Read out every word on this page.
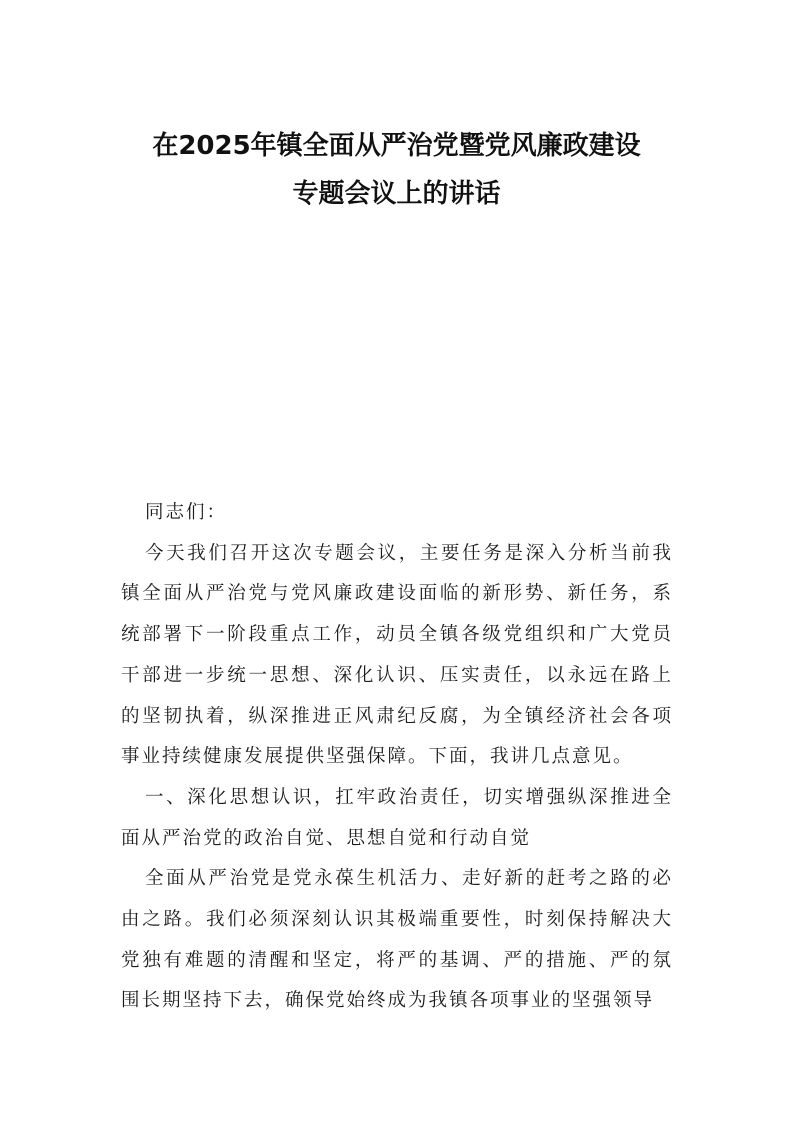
在2025年镇全面从严治党暨党风廉政建设
专题会议上的讲话

同志们：

今天我们召开这次专题会议，主要任务是深入分析当前我镇全面从严治党与党风廉政建设面临的新形势、新任务，系统部署下一阶段重点工作，动员全镇各级党组织和广大党员干部进一步统一思想、深化认识、压实责任，以永远在路上的坚韧执着，纵深推进正风肃纪反腐，为全镇经济社会各项事业持续健康发展提供坚强保障。下面，我讲几点意见。

一、深化思想认识，扛牢政治责任，切实增强纵深推进全面从严治党的政治自觉、思想自觉和行动自觉

全面从严治党是党永葆生机活力、走好新的赶考之路的必由之路。我们必须深刻认识其极端重要性，时刻保持解决大党独有难题的清醒和坚定，将严的基调、严的措施、严的氛围长期坚持下去，确保党始终成为我镇各项事业的坚强领导
